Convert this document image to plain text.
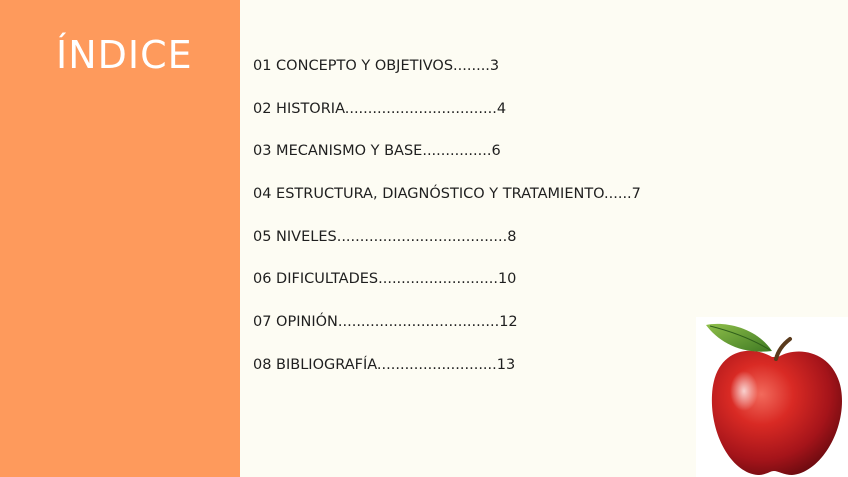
ÍNDICE	01 CONCEPTO Y OBJETIVOS........3
02 HISTORIA.................................4
03 MECANISMO Y BASE...............6
04 ESTRUCTURA, DIAGNÓSTICO Y TRATAMIENTO......7
05 NIVELES.....................................8
06 DIFICULTADES..........................10
07 OPINIÓN...................................12
08 BIBLIOGRAFÍA..........................13
